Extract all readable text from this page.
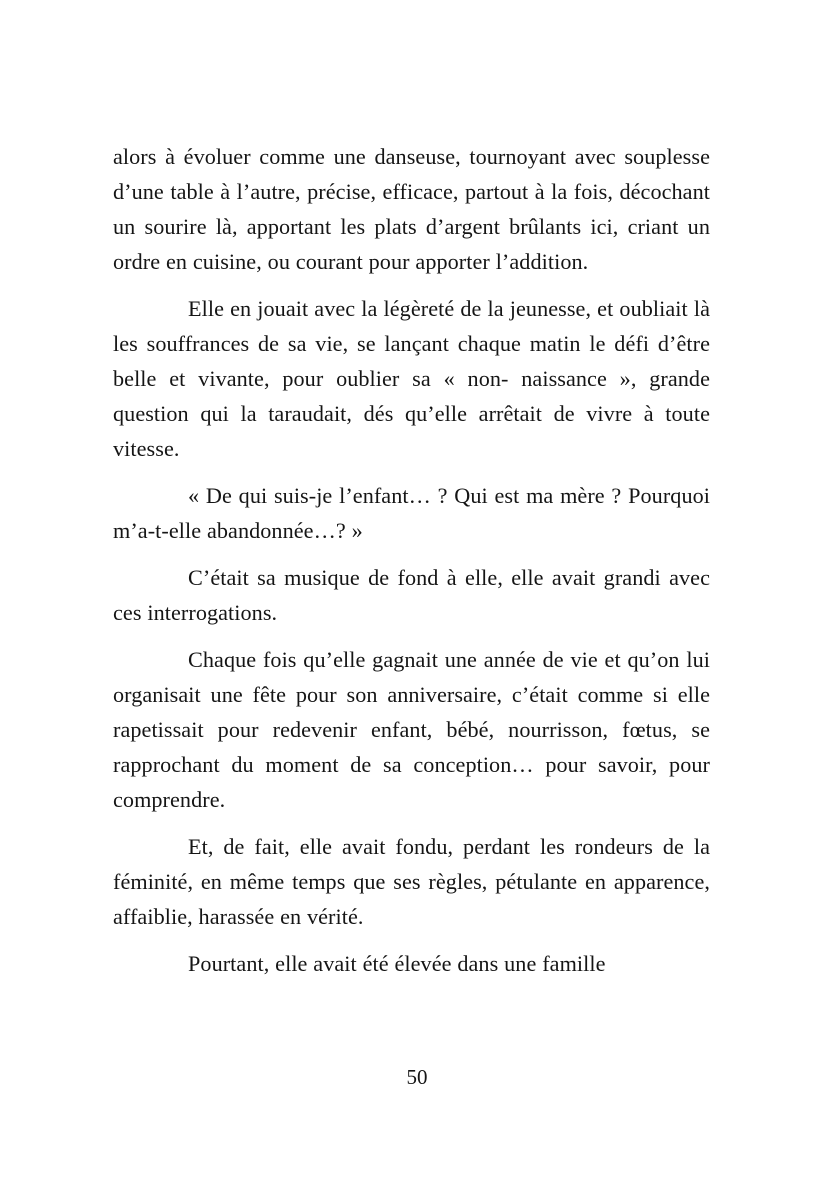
alors à évoluer comme une danseuse, tournoyant avec souplesse d’une table à l’autre, précise, efficace, partout à la fois, décochant un sourire là, apportant les plats d’argent brûlants ici, criant un ordre en cuisine, ou courant pour apporter l’addition.

Elle en jouait avec la légèreté de la jeunesse, et oubliait là les souffrances de sa vie, se lançant chaque matin le défi d’être belle et vivante, pour oublier sa « non- naissance », grande question qui la taraudait, dés qu’elle arrêtait de vivre à toute vitesse.

« De qui suis-je l’enfant… ? Qui est ma mère ? Pourquoi m’a-t-elle abandonnée…? »

C’était sa musique de fond à elle, elle avait grandi avec ces interrogations.

Chaque fois qu’elle gagnait une année de vie et qu’on lui organisait une fête pour son anniversaire, c’était comme si elle rapetissait pour redevenir enfant, bébé, nourrisson, fœtus, se rapprochant du moment de sa conception… pour savoir, pour comprendre.

Et, de fait, elle avait fondu, perdant les rondeurs de la féminité, en même temps que ses règles, pétulante en apparence, affaiblie, harassée en vérité.

Pourtant, elle avait été élevée dans une famille

50
